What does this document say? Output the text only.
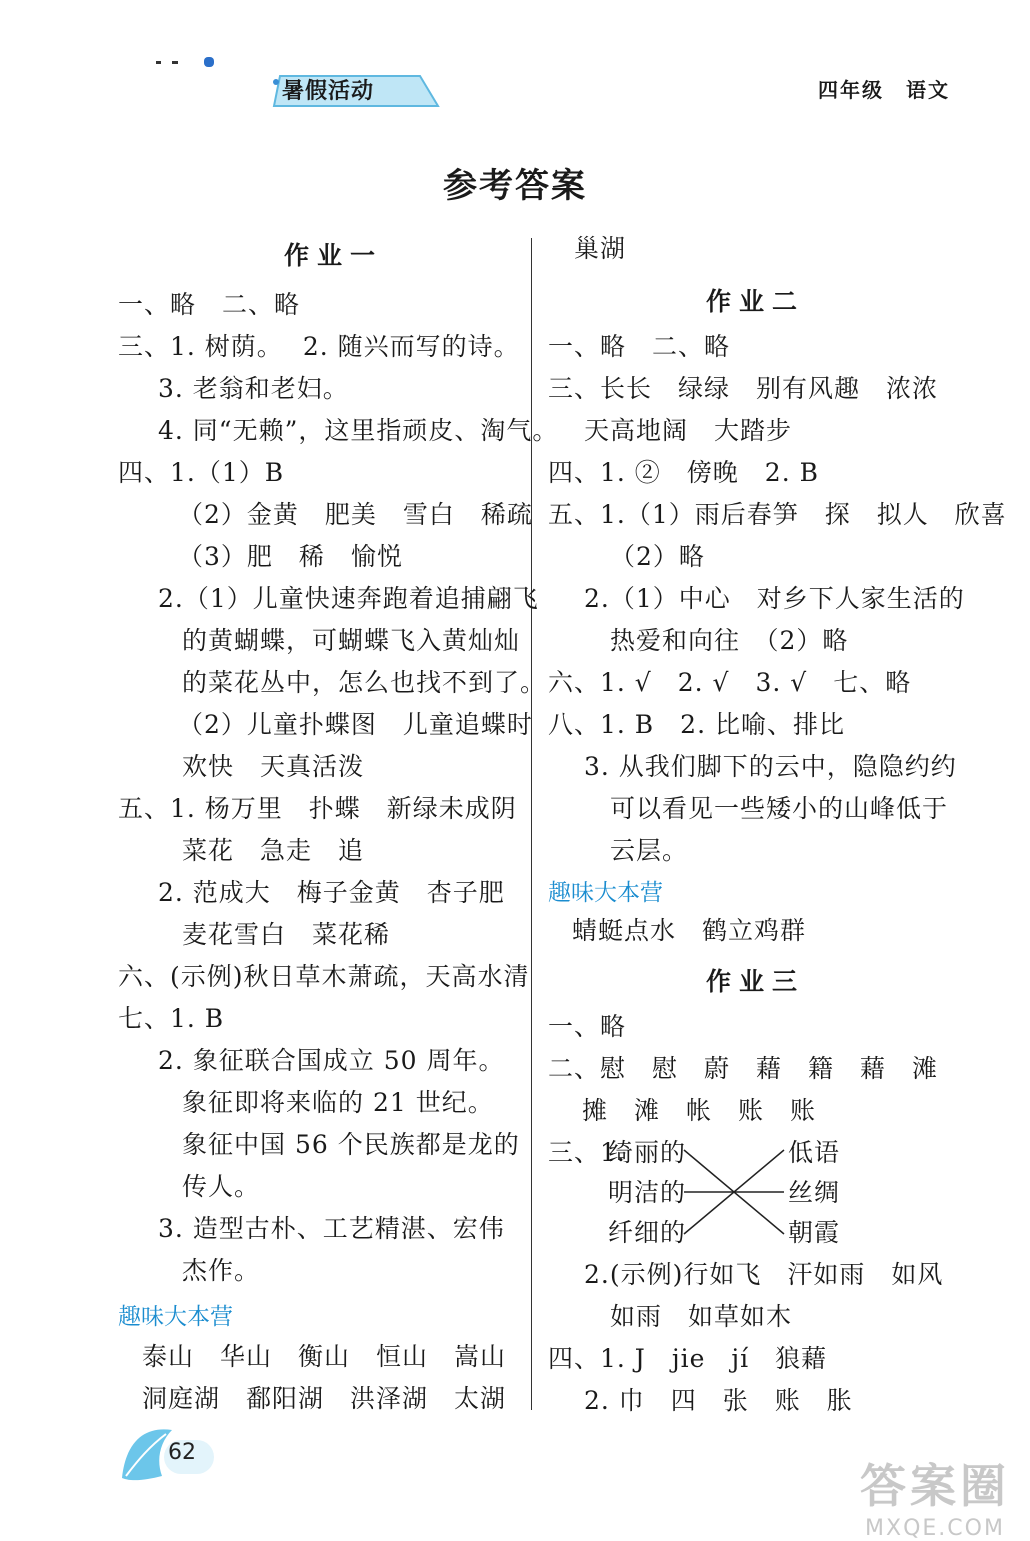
暑假活动	四年级　语文
参考答案
作业一
一、略　二、略
三、1. 树荫。 2. 随兴而写的诗。
3. 老翁和老妇。
4. 同“无赖”，这里指顽皮、淘气。
四、1.（1）B
（2）金黄　肥美　雪白　稀疏
（3）肥　稀　愉悦
2.（1）儿童快速奔跑着追捕翩飞
的黄蝴蝶，可蝴蝶飞入黄灿灿
的菜花丛中，怎么也找不到了。
（2）儿童扑蝶图　儿童追蝶时
欢快　天真活泼
五、1. 杨万里　扑蝶　新绿未成阴
菜花　急走　追
2. 范成大　梅子金黄　杏子肥
麦花雪白　菜花稀
六、(示例)秋日草木萧疏，天高水清
七、1. B
2. 象征联合国成立 50 周年。
象征即将来临的 21 世纪。
象征中国 56 个民族都是龙的
传人。
3. 造型古朴、工艺精湛、宏伟
杰作。
趣味大本营
泰山　华山　衡山　恒山　嵩山
洞庭湖　鄱阳湖　洪泽湖　太湖
巢湖
作业二
一、略　二、略
三、长长　绿绿　别有风趣　浓浓
天高地阔　大踏步
四、1. ②　傍晚　2. B
五、1.（1）雨后春笋　探　拟人　欣喜
（2）略
2.（1）中心　对乡下人家生活的
热爱和向往　（2）略
六、1. √　2. √　3. √　七、略
八、1. B　2. 比喻、排比
3. 从我们脚下的云中，隐隐约约
可以看见一些矮小的山峰低于
云层。
趣味大本营
蜻蜓点水　鹤立鸡群
作业三
一、略
二、慰　慰　蔚　藉　籍　藉　滩
摊　滩　帐　账　账
三、1.
绮丽的
明洁的
纤细的
低语
丝绸
朝霞
2.(示例)行如飞　汗如雨　如风
如雨　如草如木
四、1. J　jie　jí　狼藉
2. 巾　四　张　账　胀
62
答案圈
MXQE.COM
